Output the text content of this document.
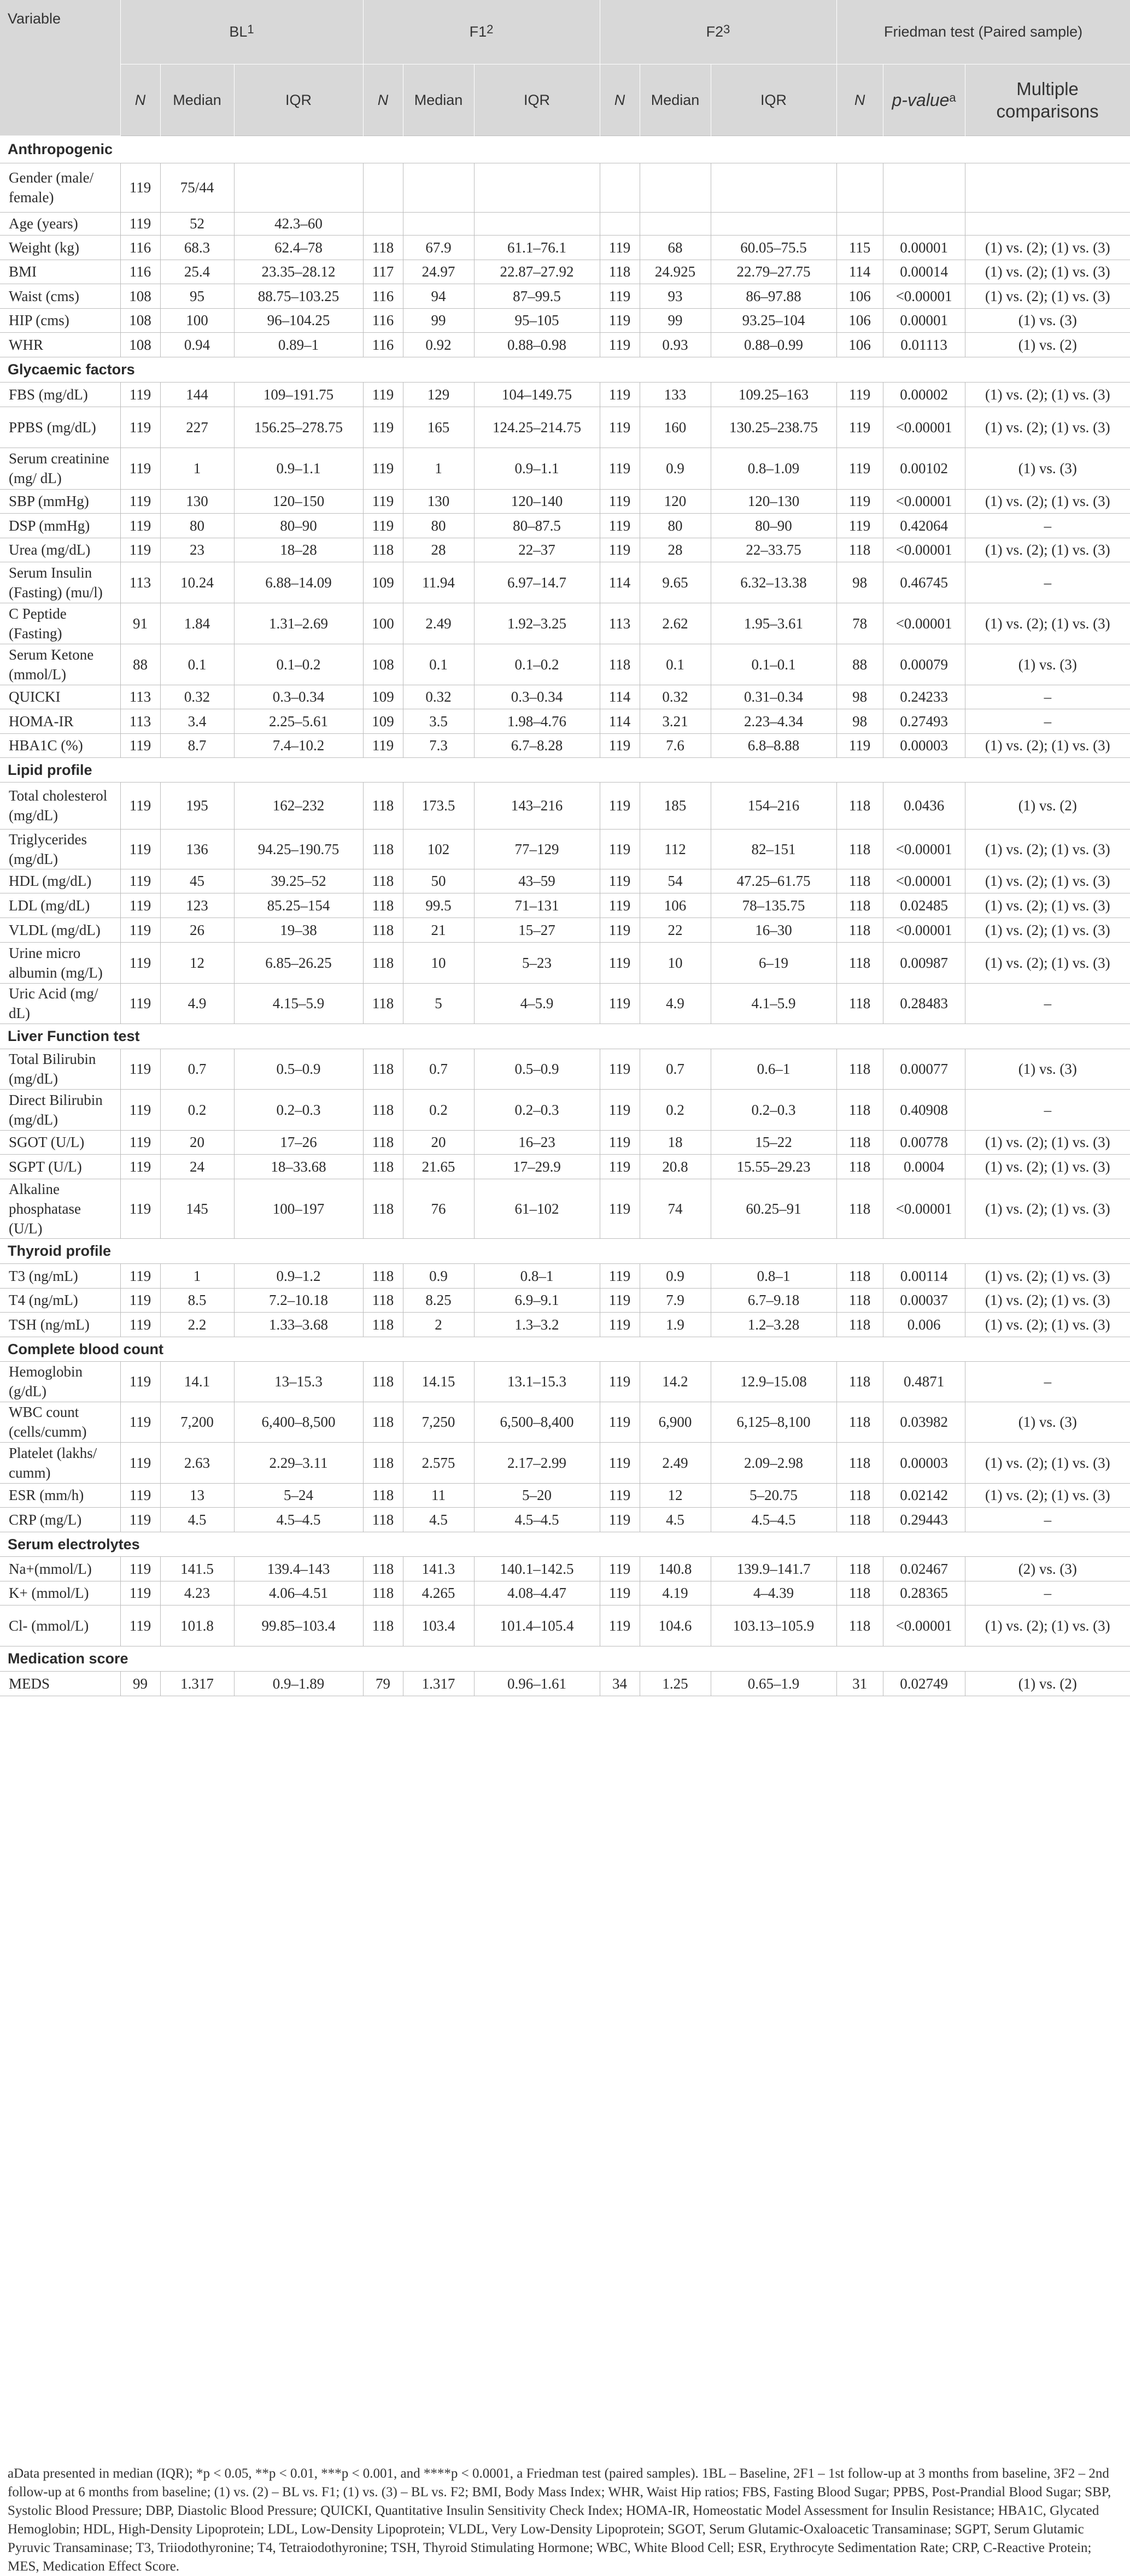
Variable	$BL^1$			$F1^2$			$F2^3$			Friedman test (Paired sample)		
	N	Median	IQR	N	Median	IQR	N	Median	IQR	N	p-value$^a$	Multiple comparisons
Anthropogenic												
Gender (male/ female)	119	75/44										
Age (years)	119	52	42.3–60									
Weight (kg)	116	68.3	62.4–78	118	67.9	61.1–76.1	119	68	60.05–75.5	115	0.00001	(1) vs. (2); (1) vs. (3)
BMI	116	25.4	23.35–28.12	117	24.97	22.87–27.92	118	24.925	22.79–27.75	114	0.00014	(1) vs. (2); (1) vs. (3)
Waist (cms)	108	95	88.75–103.25	116	94	87–99.5	119	93	86–97.88	106	<0.00001	(1) vs. (2); (1) vs. (3)
HIP (cms)	108	100	96–104.25	116	99	95–105	119	99	93.25–104	106	0.00001	(1) vs. (3)
WHR	108	0.94	0.89–1	116	0.92	0.88–0.98	119	0.93	0.88–0.99	106	0.01113	(1) vs. (2)
Glycaemic factors												
FBS (mg/dL)	119	144	109–191.75	119	129	104–149.75	119	133	109.25–163	119	0.00002	(1) vs. (2); (1) vs. (3)
PPBS (mg/dL)	119	227	156.25–278.75	119	165	124.25–214.75	119	160	130.25–238.75	119	<0.00001	(1) vs. (2); (1) vs. (3)
Serum creatinine (mg/ dL)	119	1	0.9–1.1	119	1	0.9–1.1	119	0.9	0.8–1.09	119	0.00102	(1) vs. (3)
SBP (mmHg)	119	130	120–150	119	130	120–140	119	120	120–130	119	<0.00001	(1) vs. (2); (1) vs. (3)
DSP (mmHg)	119	80	80–90	119	80	80–87.5	119	80	80–90	119	0.42064	–
Urea (mg/dL)	119	23	18–28	118	28	22–37	119	28	22–33.75	118	<0.00001	(1) vs. (2); (1) vs. (3)
Serum Insulin (Fasting) (mu/l)	113	10.24	6.88–14.09	109	11.94	6.97–14.7	114	9.65	6.32–13.38	98	0.46745	–
C Peptide (Fasting)	91	1.84	1.31–2.69	100	2.49	1.92–3.25	113	2.62	1.95–3.61	78	<0.00001	(1) vs. (2); (1) vs. (3)
Serum Ketone (mmol/L)	88	0.1	0.1–0.2	108	0.1	0.1–0.2	118	0.1	0.1–0.1	88	0.00079	(1) vs. (3)
QUICKI	113	0.32	0.3–0.34	109	0.32	0.3–0.34	114	0.32	0.31–0.34	98	0.24233	–
HOMA-IR	113	3.4	2.25–5.61	109	3.5	1.98–4.76	114	3.21	2.23–4.34	98	0.27493	–
HBA1C (%)	119	8.7	7.4–10.2	119	7.3	6.7–8.28	119	7.6	6.8–8.88	119	0.00003	(1) vs. (2); (1) vs. (3)
Lipid profile												
Total cholesterol (mg/dL)	119	195	162–232	118	173.5	143–216	119	185	154–216	118	0.0436	(1) vs. (2)
Triglycerides (mg/dL)	119	136	94.25–190.75	118	102	77–129	119	112	82–151	118	<0.00001	(1) vs. (2); (1) vs. (3)
HDL (mg/dL)	119	45	39.25–52	118	50	43–59	119	54	47.25–61.75	118	<0.00001	(1) vs. (2); (1) vs. (3)
LDL (mg/dL)	119	123	85.25–154	118	99.5	71–131	119	106	78–135.75	118	0.02485	(1) vs. (2); (1) vs. (3)
VLDL (mg/dL)	119	26	19–38	118	21	15–27	119	22	16–30	118	<0.00001	(1) vs. (2); (1) vs. (3)
Urine micro albumin (mg/L)	119	12	6.85–26.25	118	10	5–23	119	10	6–19	118	0.00987	(1) vs. (2); (1) vs. (3)
Uric Acid (mg/ dL)	119	4.9	4.15–5.9	118	5	4–5.9	119	4.9	4.1–5.9	118	0.28483	–
Liver Function test												
Total Bilirubin (mg/dL)	119	0.7	0.5–0.9	118	0.7	0.5–0.9	119	0.7	0.6–1	118	0.00077	(1) vs. (3)
Direct Bilirubin (mg/dL)	119	0.2	0.2–0.3	118	0.2	0.2–0.3	119	0.2	0.2–0.3	118	0.40908	–
SGOT (U/L)	119	20	17–26	118	20	16–23	119	18	15–22	118	0.00778	(1) vs. (2); (1) vs. (3)
SGPT (U/L)	119	24	18–33.68	118	21.65	17–29.9	119	20.8	15.55–29.23	118	0.0004	(1) vs. (2); (1) vs. (3)
Alkaline phosphatase (U/L)	119	145	100–197	118	76	61–102	119	74	60.25–91	118	<0.00001	(1) vs. (2); (1) vs. (3)
Thyroid profile												
T3 (ng/mL)	119	1	0.9–1.2	118	0.9	0.8–1	119	0.9	0.8–1	118	0.00114	(1) vs. (2); (1) vs. (3)
T4 (ng/mL)	119	8.5	7.2–10.18	118	8.25	6.9–9.1	119	7.9	6.7–9.18	118	0.00037	(1) vs. (2); (1) vs. (3)
TSH (ng/mL)	119	2.2	1.33–3.68	118	2	1.3–3.2	119	1.9	1.2–3.28	118	0.006	(1) vs. (2); (1) vs. (3)
Complete blood count												
Hemoglobin (g/dL)	119	14.1	13–15.3	118	14.15	13.1–15.3	119	14.2	12.9–15.08	118	0.4871	–
WBC count (cells/cumm)	119	7,200	6,400–8,500	118	7,250	6,500–8,400	119	6,900	6,125–8,100	118	0.03982	(1) vs. (3)
Platelet (lakhs/ cumm)	119	2.63	2.29–3.11	118	2.575	2.17–2.99	119	2.49	2.09–2.98	118	0.00003	(1) vs. (2); (1) vs. (3)
ESR (mm/h)	119	13	5–24	118	11	5–20	119	12	5–20.75	118	0.02142	(1) vs. (2); (1) vs. (3)
CRP (mg/L)	119	4.5	4.5–4.5	118	4.5	4.5–4.5	119	4.5	4.5–4.5	118	0.29443	–
Serum electrolytes												
Na+(mmol/L)	119	141.5	139.4–143	118	141.3	140.1–142.5	119	140.8	139.9–141.7	118	0.02467	(2) vs. (3)
K+ (mmol/L)	119	4.23	4.06–4.51	118	4.265	4.08–4.47	119	4.19	4–4.39	118	0.28365	–
Cl- (mmol/L)	119	101.8	99.85–103.4	118	103.4	101.4–105.4	119	104.6	103.13–105.9	118	<0.00001	(1) vs. (2); (1) vs. (3)
Medication score												
MEDS	99	1.317	0.9–1.89	79	1.317	0.96–1.61	34	1.25	0.65–1.9	31	0.02749	(1) vs. (2)
aData presented in median (IQR); *p < 0.05, **p < 0.01, ***p < 0.001, and ****p < 0.0001, a Friedman test (paired samples). 1BL – Baseline, 2F1 – 1st follow-up at 3 months from baseline, 3F2 – 2nd follow-up at 6 months from baseline; (1) vs. (2) – BL vs. F1; (1) vs. (3) – BL vs. F2; BMI, Body Mass Index; WHR, Waist Hip ratios; FBS, Fasting Blood Sugar; PPBS, Post-Prandial Blood Sugar; SBP, Systolic Blood Pressure; DBP, Diastolic Blood Pressure; QUICKI, Quantitative Insulin Sensitivity Check Index; HOMA-IR, Homeostatic Model Assessment for Insulin Resistance; HBA1C, Glycated Hemoglobin; HDL, High-Density Lipoprotein; LDL, Low-Density Lipoprotein; VLDL, Very Low-Density Lipoprotein; SGOT, Serum Glutamic-Oxaloacetic Transaminase; SGPT, Serum Glutamic Pyruvic Transaminase; T3, Triiodothyronine; T4, Tetraiodothyronine; TSH, Thyroid Stimulating Hormone; WBC, White Blood Cell; ESR, Erythrocyte Sedimentation Rate; CRP, C-Reactive Protein; MES, Medication Effect Score.
